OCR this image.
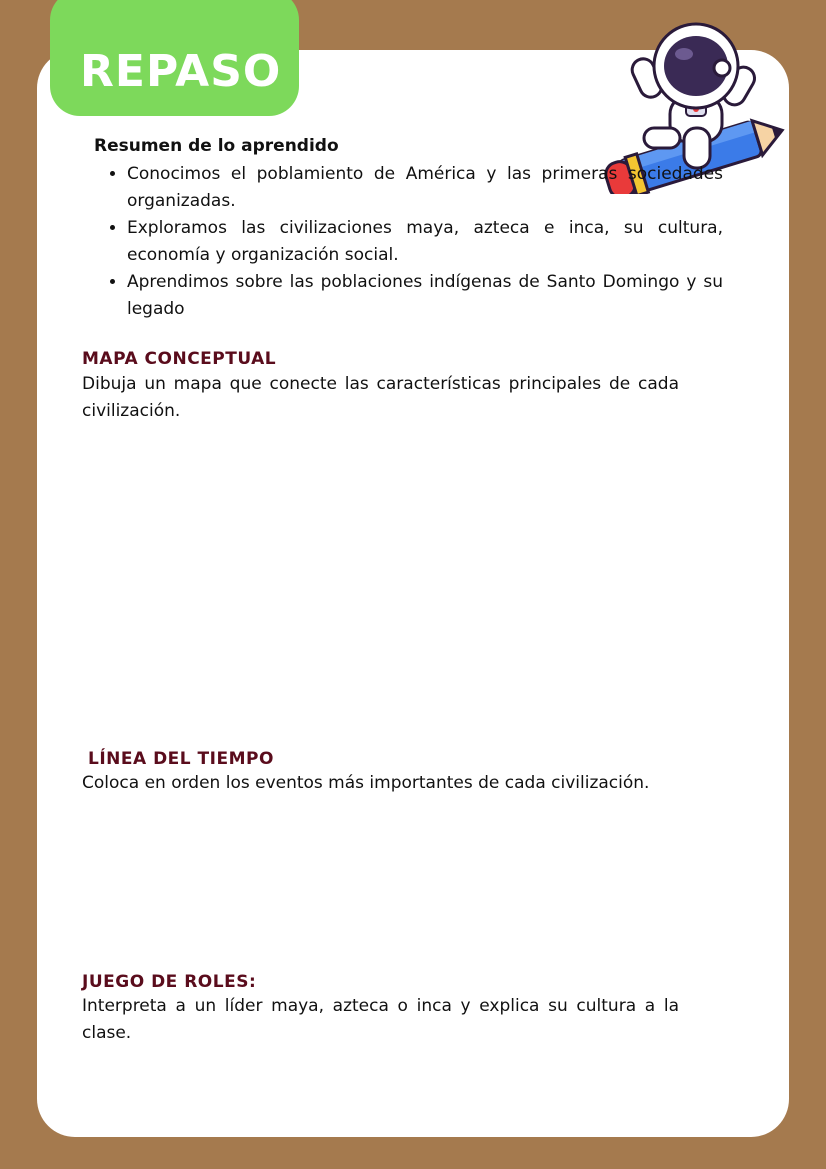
REPASO
Resumen de lo aprendido
• Conocimos el poblamiento de América y las primeras sociedades organizadas.
• Exploramos las civilizaciones maya, azteca e inca, su cultura, economía y organización social.
• Aprendimos sobre las poblaciones indígenas de Santo Domingo y su legado
MAPA CONCEPTUAL
Dibuja un mapa que conecte las características principales de cada civilización.
LÍNEA DEL TIEMPO
Coloca en orden los eventos más importantes de cada civilización.
JUEGO DE ROLES:
Interpreta a un líder maya, azteca o inca y explica su cultura a la clase.
